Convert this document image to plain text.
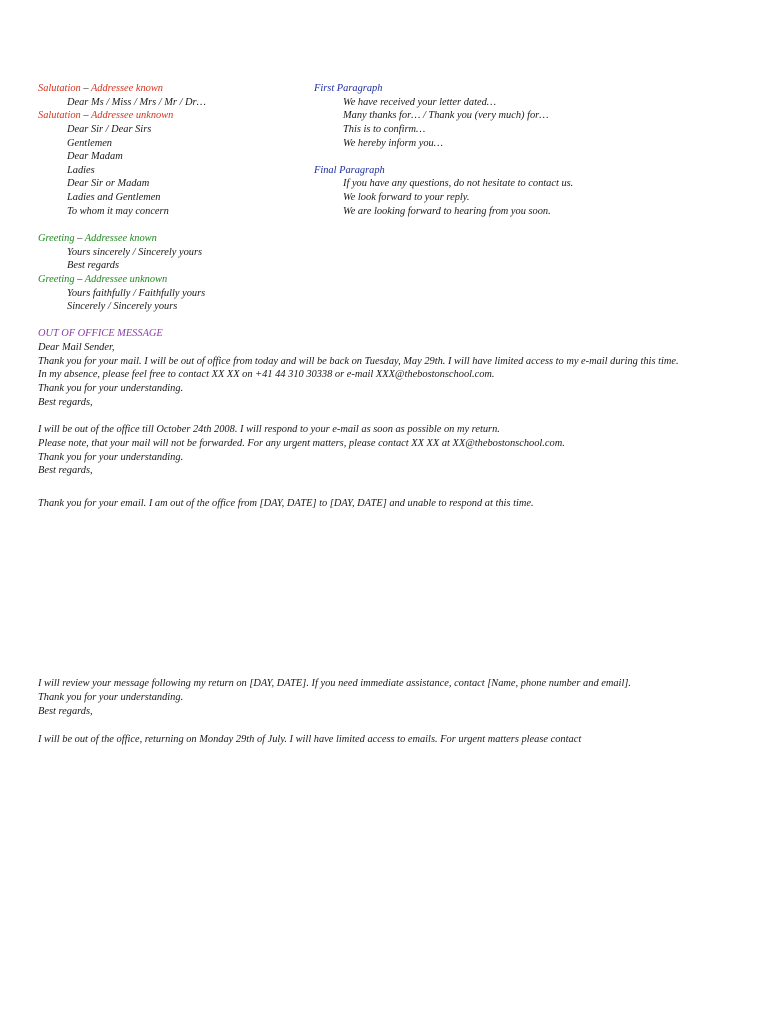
Salutation – Addressee known
Dear Ms / Miss / Mrs / Mr / Dr…
Salutation – Addressee unknown
Dear Sir / Dear Sirs
Gentlemen
Dear Madam
Ladies
Dear Sir or Madam
Ladies and Gentlemen
To whom it may concern
Greeting – Addressee known
Yours sincerely / Sincerely yours
Best regards
Greeting – Addressee unknown
Yours faithfully / Faithfully yours
Sincerely / Sincerely yours
First Paragraph
We have received your letter dated…
Many thanks for… / Thank you (very much) for…
This is to confirm…
We hereby inform you…
Final Paragraph
If you have any questions, do not hesitate to contact us.
We look forward to your reply.
We are looking forward to hearing from you soon.
OUT OF OFFICE MESSAGE
Dear Mail Sender,
Thank you for your mail. I will be out of office from today and will be back on Tuesday, May 29th. I will have limited access to my e-mail during this time.
In my absence, please feel free to contact XX XX on +41 44 310 30338 or e-mail XXX@thebostonschool.com.
Thank you for your understanding.
Best regards,
I will be out of the office till October 24th 2008. I will respond to your e-mail as soon as possible on my return.
Please note, that your mail will not be forwarded. For any urgent matters, please contact XX XX at XX@thebostonschool.com.
Thank you for your understanding.
Best regards,
Thank you for your email. I am out of the office from [DAY, DATE] to [DAY, DATE] and unable to respond at this time.
I will review your message following my return on [DAY, DATE]. If you need immediate assistance, contact [Name, phone number and email].
Thank you for your understanding.
Best regards,
I will be out of the office, returning on Monday 29th of July. I will have limited access to emails. For urgent matters please contact
